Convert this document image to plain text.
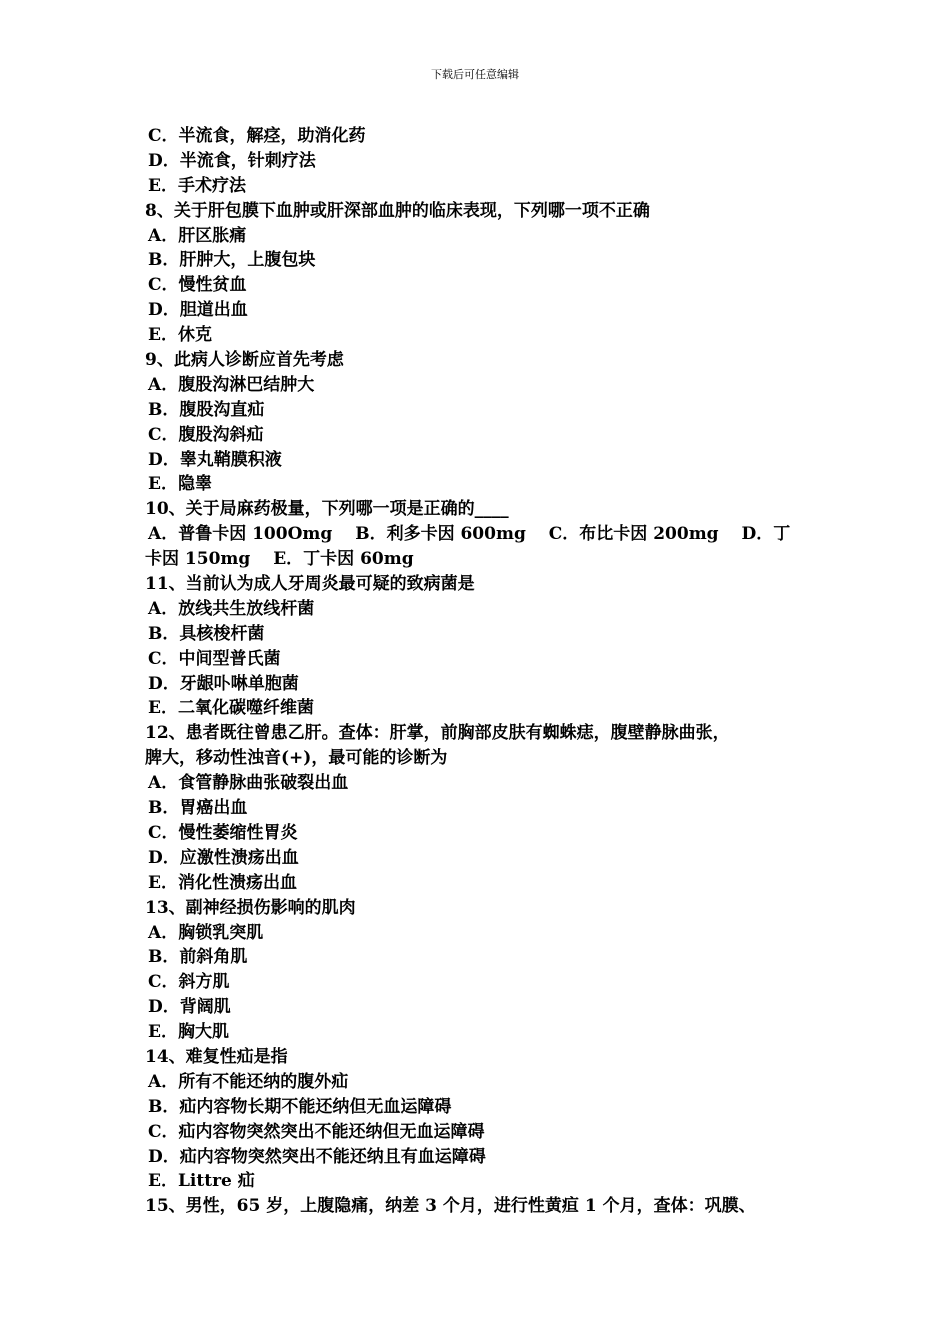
下载后可任意编辑
C．半流食，解痉，助消化药
D．半流食，针刺疗法
E．手术疗法
8、关于肝包膜下血肿或肝深部血肿的临床表现，下列哪一项不正确
A．肝区胀痛
B．肝肿大，上腹包块
C．慢性贫血
D．胆道出血
E．休克
9、此病人诊断应首先考虑
A．腹股沟淋巴结肿大
B．腹股沟直疝
C．腹股沟斜疝
D．睾丸鞘膜积液
E．隐睾
10、关于局麻药极量，下列哪一项是正确的____
A．普鲁卡因 100Omg　 B．利多卡因 600mg　 C．布比卡因 200mg　 D．丁
卡因 150mg　 E．丁卡因 60mg
11、当前认为成人牙周炎最可疑的致病菌是
A．放线共生放线杆菌
B．具核梭杆菌
C．中间型普氏菌
D．牙龈卟啉单胞菌
E．二氧化碳噬纤维菌
12、患者既往曾患乙肝。查体：肝掌，前胸部皮肤有蜘蛛痣，腹壁静脉曲张，
脾大，移动性浊音(+)，最可能的诊断为
A．食管静脉曲张破裂出血
B．胃癌出血
C．慢性萎缩性胃炎
D．应激性溃疡出血
E．消化性溃疡出血
13、副神经损伤影响的肌肉
A．胸锁乳突肌
B．前斜角肌
C．斜方肌
D．背阔肌
E．胸大肌
14、难复性疝是指
A．所有不能还纳的腹外疝
B．疝内容物长期不能还纳但无血运障碍
C．疝内容物突然突出不能还纳但无血运障碍
D．疝内容物突然突出不能还纳且有血运障碍
E．Littre 疝
15、男性，65 岁，上腹隐痛，纳差 3 个月，进行性黄疸 1 个月，查体：巩膜、
